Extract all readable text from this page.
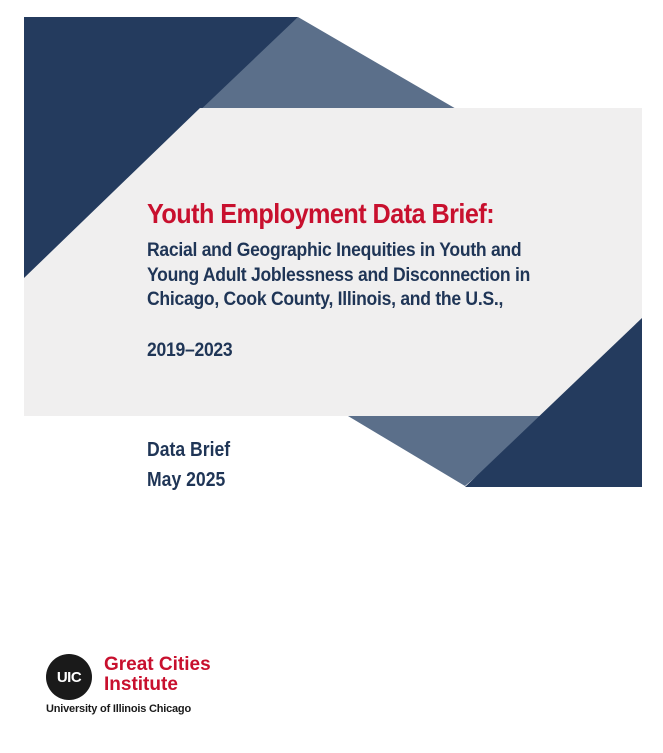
Youth Employment Data Brief:
Racial and Geographic Inequities in Youth and
Young Adult Joblessness and Disconnection in
Chicago, Cook County, Illinois, and the U.S.,
2019–2023
Data Brief
May 2025
UIC
Great Cities
Institute
University of Illinois Chicago
